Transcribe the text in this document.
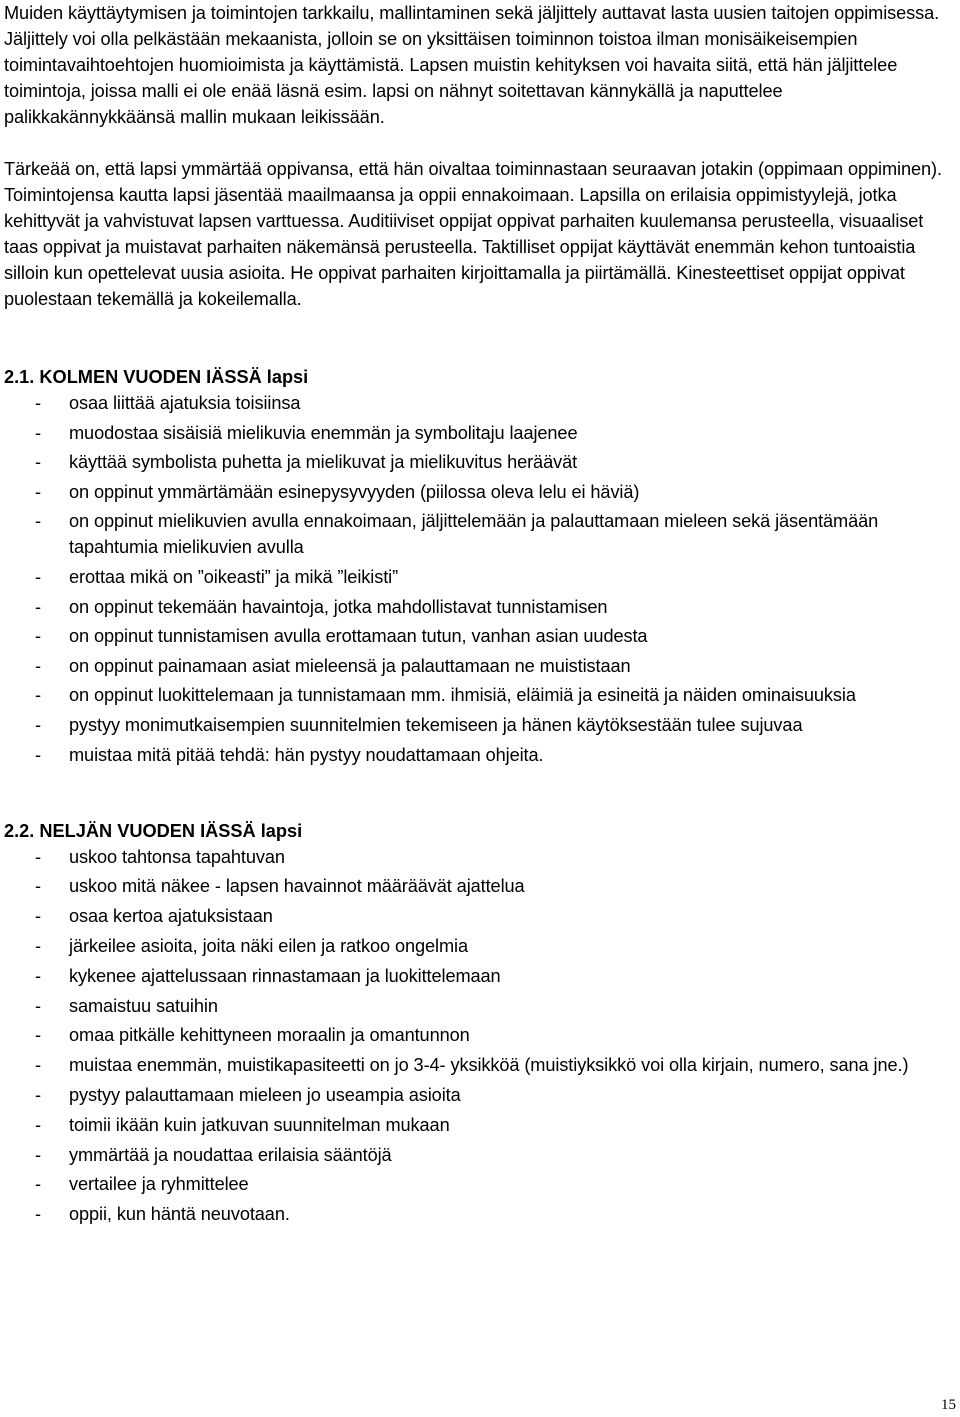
Muiden käyttäytymisen ja toimintojen tarkkailu, mallintaminen sekä jäljittely auttavat lasta uusien taitojen oppimisessa. Jäljittely voi olla pelkästään mekaanista, jolloin se on yksittäisen toiminnon toistoa ilman monisäikeisempien toimintavaihtoehtojen huomioimista ja käyttämistä. Lapsen muistin kehityksen voi havaita siitä, että hän jäljittelee toimintoja, joissa malli ei ole enää läsnä esim. lapsi on nähnyt soitettavan kännykällä ja naputtelee palikkakännykkäänsä mallin mukaan leikissään.

Tärkeää on, että lapsi ymmärtää oppivansa, että hän oivaltaa toiminnastaan seuraavan jotakin (oppimaan oppiminen). Toimintojensa kautta lapsi jäsentää maailmaansa ja oppii ennakoimaan. Lapsilla on erilaisia oppimistyylejä, jotka kehittyvät ja vahvistuvat lapsen varttuessa. Auditiiviset oppijat oppivat parhaiten kuulemansa perusteella, visuaaliset taas oppivat ja muistavat parhaiten näkemänsä perusteella. Taktilliset oppijat käyttävät enemmän kehon tuntoaistia silloin kun opettelevat uusia asioita. He oppivat parhaiten kirjoittamalla ja piirtämällä. Kinesteettiset oppijat oppivat puolestaan tekemällä ja kokeilemalla.

2.1. KOLMEN VUODEN IÄSSÄ lapsi
- osaa liittää ajatuksia toisiinsa
- muodostaa sisäisiä mielikuvia enemmän ja symbolitaju laajenee
- käyttää symbolista puhetta ja mielikuvat ja mielikuvitus heräävät
- on oppinut ymmärtämään esinepysyvyyden (piilossa oleva lelu ei häviä)
- on oppinut mielikuvien avulla ennakoimaan, jäljittelemään ja palauttamaan mieleen sekä jäsentämään tapahtumia mielikuvien avulla
- erottaa mikä on ”oikeasti” ja mikä ”leikisti”
- on oppinut tekemään havaintoja, jotka mahdollistavat tunnistamisen
- on oppinut tunnistamisen avulla erottamaan tutun, vanhan asian uudesta
- on oppinut painamaan asiat mieleensä ja palauttamaan ne muististaan
- on oppinut luokittelemaan ja tunnistamaan mm. ihmisiä, eläimiä ja esineitä ja näiden ominaisuuksia
- pystyy monimutkaisempien suunnitelmien tekemiseen ja hänen käytöksestään tulee sujuvaa
- muistaa mitä pitää tehdä: hän pystyy noudattamaan ohjeita.
2.2. NELJÄN VUODEN IÄSSÄ lapsi
- uskoo tahtonsa tapahtuvan
- uskoo mitä näkee - lapsen havainnot määräävät ajattelua
- osaa kertoa ajatuksistaan
- järkeilee asioita, joita näki eilen ja ratkoo ongelmia
- kykenee ajattelussaan rinnastamaan ja luokittelemaan
- samaistuu satuihin
- omaa pitkälle kehittyneen moraalin ja omantunnon
- muistaa enemmän, muistikapasiteetti on jo 3-4- yksikköä (muistiyksikkö voi olla kirjain, numero, sana jne.)
- pystyy palauttamaan mieleen jo useampia asioita
- toimii ikään kuin jatkuvan suunnitelman mukaan
- ymmärtää ja noudattaa erilaisia sääntöjä
- vertailee ja ryhmittelee
- oppii, kun häntä neuvotaan.
15
